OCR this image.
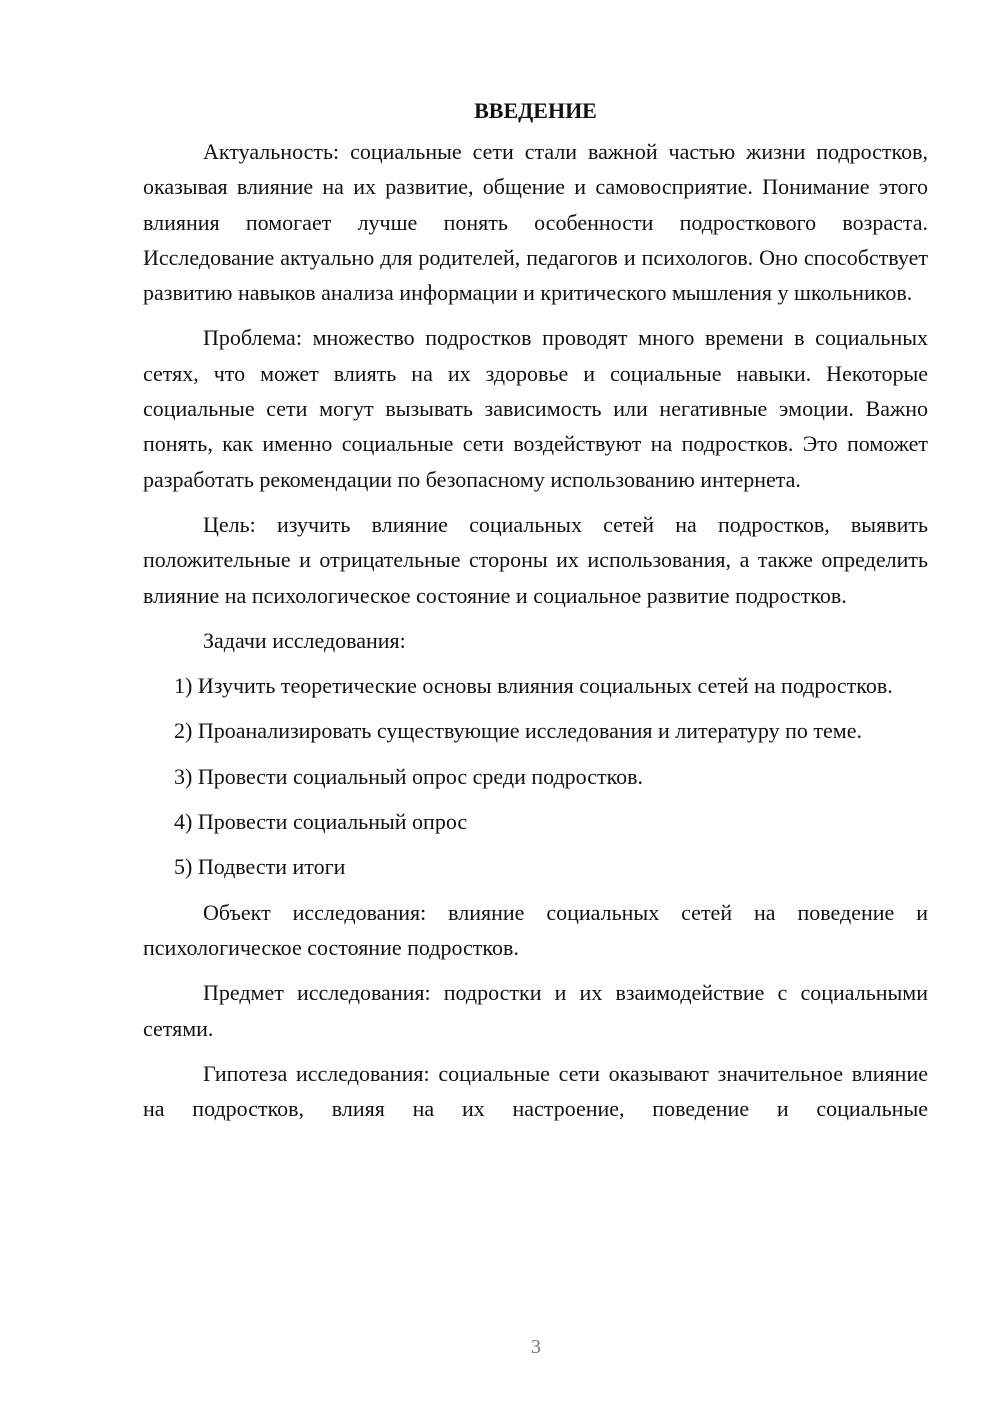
ВВЕДЕНИЕ

Актуальность: социальные сети стали важной частью жизни подростков, оказывая влияние на их развитие, общение и самовосприятие. Понимание этого влияния помогает лучше понять особенности подросткового возраста. Исследование актуально для родителей, педагогов и психологов. Оно способствует развитию навыков анализа информации и критического мышления у школьников.

Проблема: множество подростков проводят много времени в социальных сетях, что может влиять на их здоровье и социальные навыки. Некоторые социальные сети могут вызывать зависимость или негативные эмоции. Важно понять, как именно социальные сети воздействуют на подростков. Это поможет разработать рекомендации по безопасному использованию интернета.

Цель: изучить влияние социальных сетей на подростков, выявить положительные и отрицательные стороны их использования, а также определить влияние на психологическое состояние и социальное развитие подростков.

Задачи исследования:

1) Изучить теоретические основы влияния социальных сетей на подростков.

2) Проанализировать существующие исследования и литературу по теме.

3) Провести социальный опрос среди подростков.

4) Провести социальный опрос

5) Подвести итоги

Объект исследования: влияние социальных сетей на поведение и психологическое состояние подростков.

Предмет исследования: подростки и их взаимодействие с социальными сетями.

Гипотеза исследования: социальные сети оказывают значительное влияние на подростков, влияя на их настроение, поведение и социальные

3
